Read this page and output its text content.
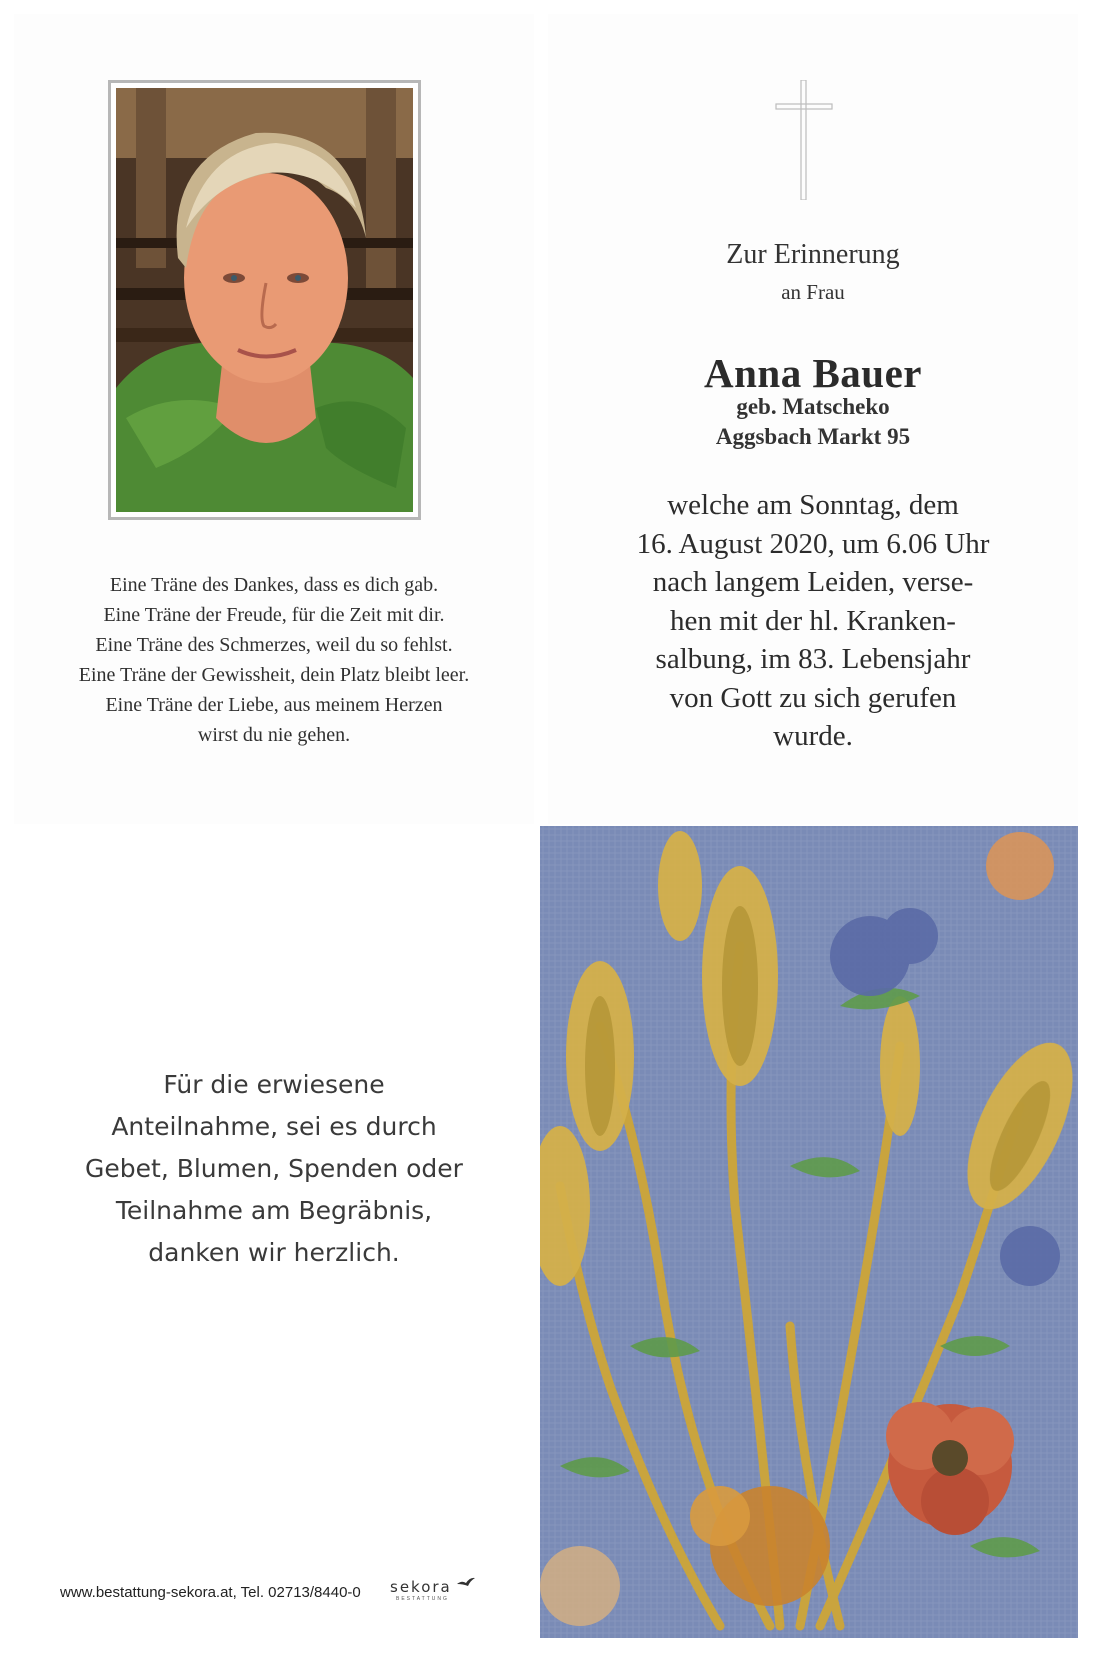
Eine Träne des Dankes, dass es dich gab.
Eine Träne der Freude, für die Zeit mit dir.
Eine Träne des Schmerzes, weil du so fehlst.
Eine Träne der Gewissheit, dein Platz bleibt leer.
Eine Träne der Liebe, aus meinem Herzen
wirst du nie gehen.
Zur Erinnerung
an Frau
Anna Bauer
geb. Matscheko
Aggsbach Markt 95
welche am Sonntag, dem
16. August 2020, um 6.06 Uhr
nach langem Leiden, verse-
hen mit der hl. Kranken-
salbung, im 83. Lebensjahr
von Gott zu sich gerufen
wurde.
Für die erwiesene
Anteilnahme, sei es durch
Gebet, Blumen, Spenden oder
Teilnahme am Begräbnis,
danken wir herzlich.
www.bestattung-sekora.at, Tel. 02713/8440-0 sekora
BESTATTUNG
